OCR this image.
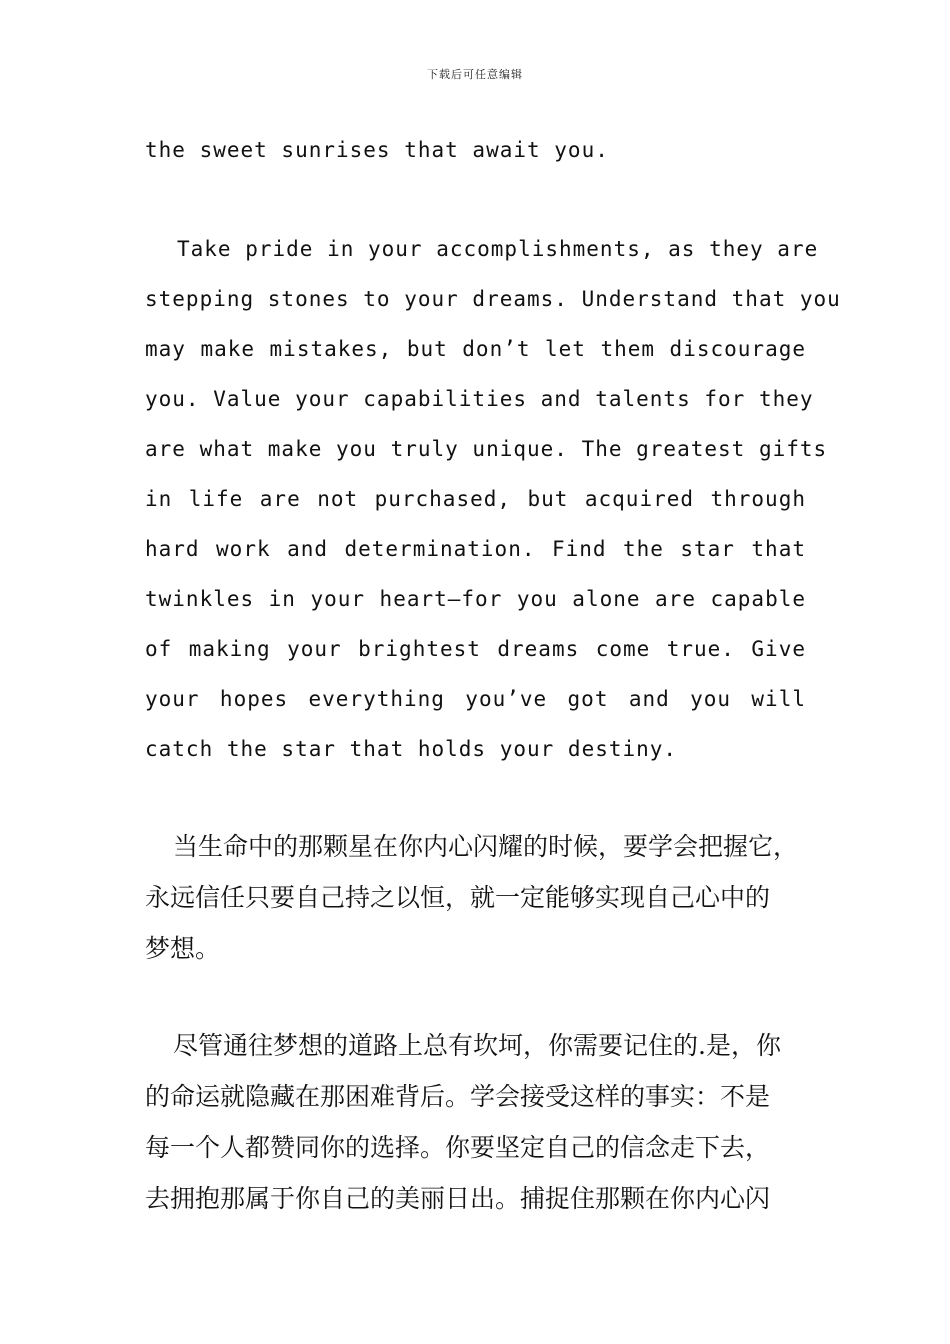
下载后可任意编辑
the sweet sunrises that await you.
Take pride in your accomplishments, as they are
stepping stones to your dreams. Understand that you
may make mistakes, but don’t let them discourage
you. Value your capabilities and talents for they
are what make you truly unique. The greatest gifts
in life are not purchased, but acquired through
hard work and determination. Find the star that
twinkles in your heart—for you alone are capable
of making your brightest dreams come true. Give
your hopes everything you’ve got and you will
catch the star that holds your destiny.
当生命中的那颗星在你内心闪耀的时候，要学会把握它，
永远信任只要自己持之以恒，就一定能够实现自己心中的
梦想。
尽管通往梦想的道路上总有坎坷，你需要记住的.是，你
的命运就隐藏在那困难背后。学会接受这样的事实：不是
每一个人都赞同你的选择。你要坚定自己的信念走下去，
去拥抱那属于你自己的美丽日出。捕捉住那颗在你内心闪
